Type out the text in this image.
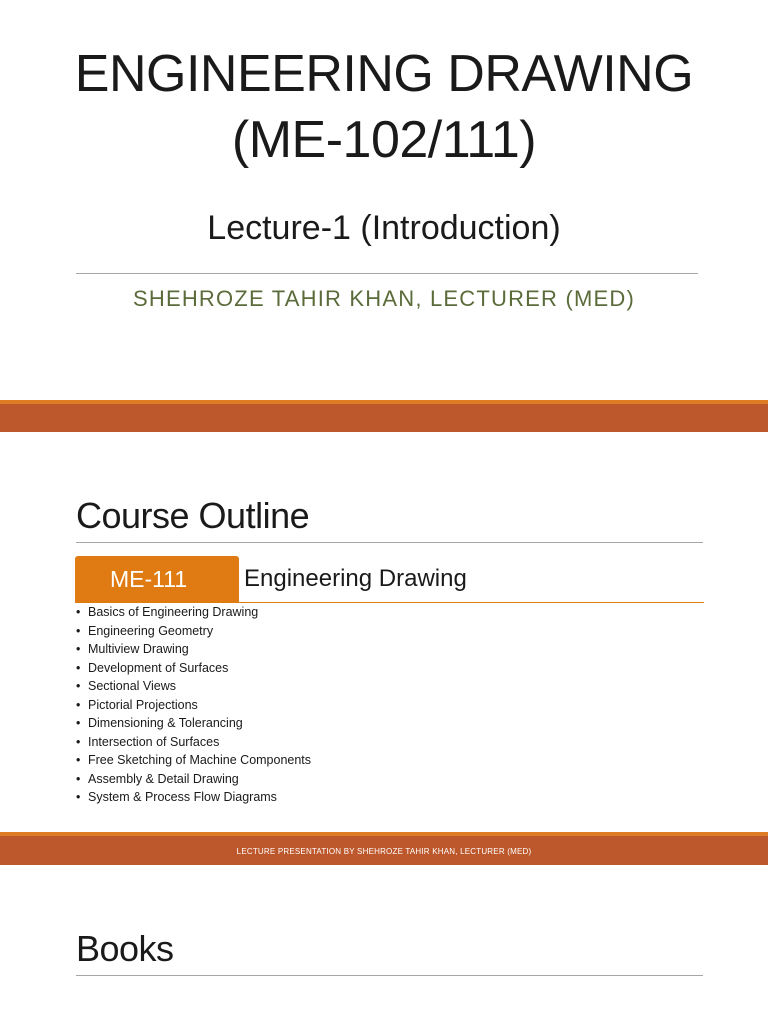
ENGINEERING DRAWING
(ME-102/111)
Lecture-1 (Introduction)
SHEHROZE TAHIR KHAN, LECTURER (MED)
Course Outline
ME-111 Engineering Drawing
• Basics of Engineering Drawing
• Engineering Geometry
• Multiview Drawing
• Development of Surfaces
• Sectional Views
• Pictorial Projections
• Dimensioning & Tolerancing
• Intersection of Surfaces
• Free Sketching of Machine Components
• Assembly & Detail Drawing
• System & Process Flow Diagrams
LECTURE PRESENTATION BY SHEHROZE TAHIR KHAN, LECTURER (MED)
Books
